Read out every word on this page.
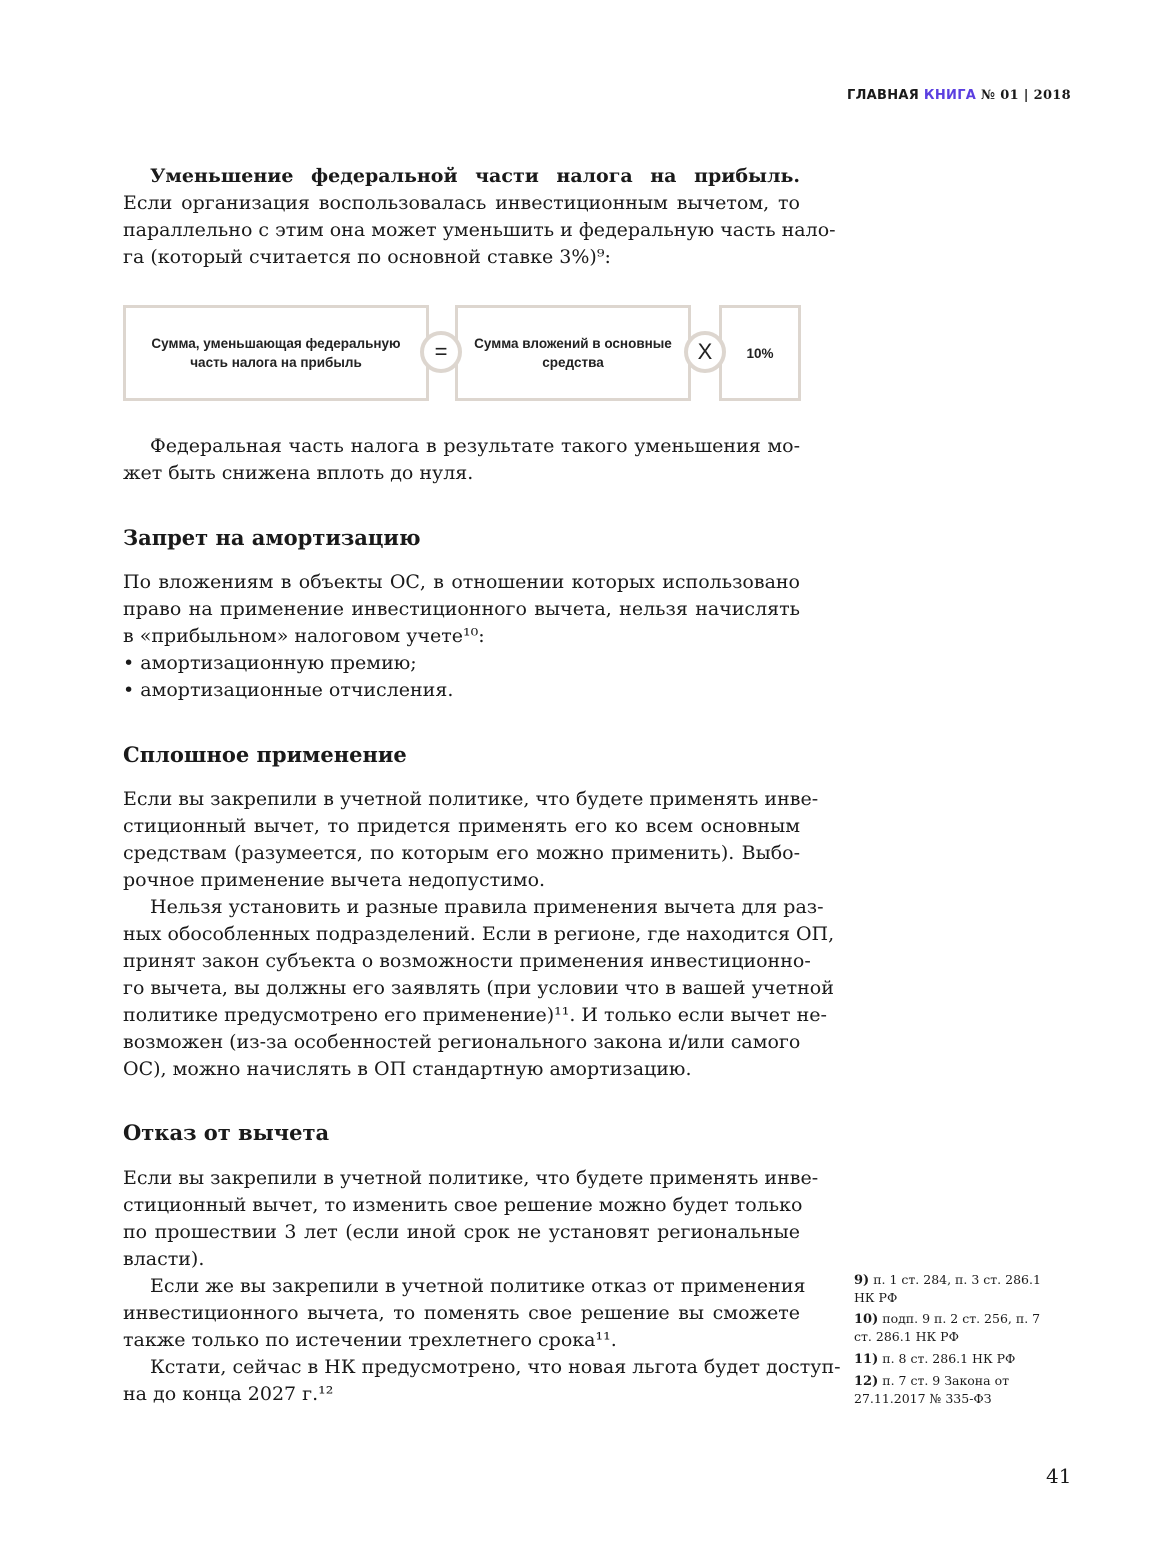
ГЛАВНАЯ КНИГА № 01 | 2018
Уменьшение федеральной части налога на прибыль.
Если организация воспользовалась инвестиционным вычетом, то
параллельно с этим она может уменьшить и федеральную часть нало-
га (который считается по основной ставке 3%)⁹:
Сумма, уменьшающая федеральную часть налога на прибыль
Сумма вложений в основные средства
10%
=	Х
Федеральная часть налога в результате такого уменьшения мо-
жет быть снижена вплоть до нуля.
Запрет на амортизацию
По вложениям в объекты ОС, в отношении которых использовано
право на применение инвестиционного вычета, нельзя начислять
в «прибыльном» налоговом учете¹⁰:
• амортизационную премию;
• амортизационные отчисления.
Сплошное применение
Если вы закрепили в учетной политике, что будете применять инве-
стиционный вычет, то придется применять его ко всем основным
средствам (разумеется, по которым его можно применить). Выбо-
рочное применение вычета недопустимо.
Нельзя установить и разные правила применения вычета для раз-
ных обособленных подразделений. Если в регионе, где находится ОП,
принят закон субъекта о возможности применения инвестиционно-
го вычета, вы должны его заявлять (при условии что в вашей учетной
политике предусмотрено его применение)¹¹. И только если вычет не-
возможен (из-за особенностей регионального закона и/или самого
ОС), можно начислять в ОП стандартную амортизацию.
Отказ от вычета
Если вы закрепили в учетной политике, что будете применять инве-
стиционный вычет, то изменить свое решение можно будет только
по прошествии 3 лет (если иной срок не установят региональные
власти).
Если же вы закрепили в учетной политике отказ от применения
инвестиционного вычета, то поменять свое решение вы сможете
также только по истечении трехлетнего срока¹¹.
Кстати, сейчас в НК предусмотрено, что новая льгота будет доступ-
на до конца 2027 г.¹²
9) п. 1 ст. 284, п. 3 ст. 286.1 НК РФ
10) подп. 9 п. 2 ст. 256, п. 7 ст. 286.1 НК РФ
11) п. 8 ст. 286.1 НК РФ
12) п. 7 ст. 9 Закона от 27.11.2017 № 335-ФЗ
41
